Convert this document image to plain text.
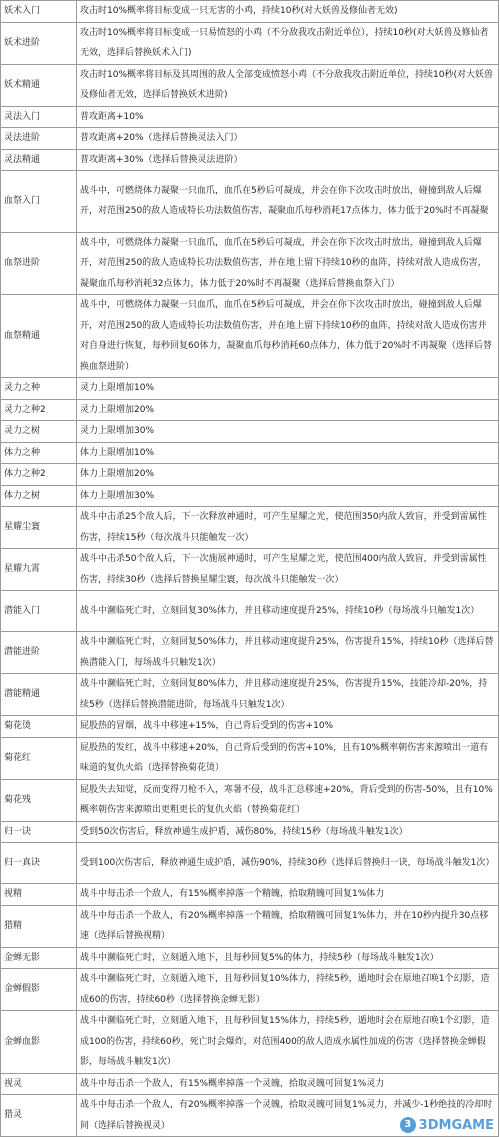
妖术入门	攻击时10%概率将目标变成一只无害的小鸡，持续10秒(对大妖兽及修仙者无效)
妖术进阶	攻击时10%概率将目标变成一只易愤怒的小鸡（不分敌我攻击附近单位），持续10秒(对大妖兽及修仙者无效，选择后替换妖术入门)
妖术精通	攻击时10%概率将目标及其周围的敌人全部变成愤怒小鸡（不分敌我攻击附近单位，持续10秒(对大妖兽及修仙者无效，选择后替换妖术进阶)
灵法入门	普攻距离+10%
灵法进阶	普攻距离+20%（选择后替换灵法入门）
灵法精通	普攻距离+30%（选择后替换灵法进阶）
血祭入门	战斗中，可燃烧体力凝聚一只血爪，血爪在5秒后可凝成，并会在你下次攻击时放出，碰撞到敌人后爆开，对范围250的敌人造成特长功法数值伤害，凝聚血爪每秒消耗17点体力，体力低于20%时不再凝聚
血祭进阶	战斗中，可燃烧体力凝聚一只血爪，血爪在5秒后可凝成，并会在你下次攻击时放出，碰撞到敌人后爆开，对范围250的敌人造成特长功法数值伤害，并在地上留下持续10秒的血阵，持续对敌人造成伤害，凝聚血爪每秒消耗32点体力，体力低于20%时不再凝聚（选择后替换血祭入门）
血祭精通	战斗中，可燃烧体力凝聚一只血爪，血爪在5秒后可凝成，并会在你下次攻击时放出，碰撞到敌人后爆开，对范围250的敌人造成特长功法数值伤害，并在地上留下持续10秒的血阵，持续对敌人造成伤害并对自身进行恢复，每秒回复60体力，凝聚血爪每秒消耗60点体力，体力低于20%时不再凝聚（选择后替换血祭进阶）
灵力之种	灵力上限增加10%
灵力之种2	灵力上限增加20%
灵力之树	灵力上限增加30%
体力之种	体力上限增加10%
体力之种2	体力上限增加20%
体力之树	体力上限增加30%
星耀尘寰	战斗中击杀25个敌人后，下一次释放神通时，可产生星耀之光，使范围350内敌人致盲，并受到雷属性伤害，持续15秒（每次战斗只能触发一次）
星耀九霄	战斗中击杀50个敌人后，下一次施展神通时，可产生星耀之光，使范围400内敌人致盲，并受到雷属性伤害，持续30秒（选择后替换星耀尘寰，每次战斗只能触发一次）
潜能入门	战斗中濒临死亡时，立刻回复30%体力，并且移动速度提升25%，持续10秒（每场战斗只触发1次）
潜能进阶	战斗中濒临死亡时，立刻回复50%体力，并且移动速度提升25%，伤害提升15%，持续10秒（选择后替换潜能入门，每场战斗只触发1次）
潜能精通	战斗中濒临死亡时，立刻回复80%体力，并且移动速度提升25%，伤害提升15%，技能冷却-20%，持续5秒（选择后替换潜能进阶，每场战斗只触发1次）
菊花烫	屁股热的冒烟，战斗中移速+15%，自己背后受到的伤害+10%
菊花红	屁股热的发红，战斗中移速+20%，自己背后受到的伤害+10%，且有10%概率朝伤害来源喷出一道有味道的复仇火焰（选择替换菊花烫）
菊花残	屁股失去知觉，反而变得刀枪不入，寒暑不侵，战斗汇总移速+20%，背后受到的伤害-50%，且有10%概率朝伤害来源喷出更粗更长的复仇火焰（替换菊花红）
归一诀	受到50次伤害后，释放神通生成护盾，减伤80%，持续15秒（每场战斗触发1次）
归一真诀	受到100次伤害后，释放神通生成护盾，减伤90%，持续30秒（选择后替换归一诀，每场战斗触发1次）
视精	战斗中每击杀一个敌人，有15%概率掉落一个精魄，拾取精魄可回复1%体力
猎精	战斗中每击杀一个敌人，有20%概率掉落一个精魄，拾取精魄可回复1%体力，并在10秒内提升30点移速（选择后替换视精）
金蝉无影	战斗中濒临死亡时，立刻遁入地下，且每秒回复5%的体力，持续5秒（每场战斗触发1次）
金蝉假影	战斗中濒临死亡时，立刻遁入地下，且每秒回复10%体力，持续5秒，遁地时会在原地召唤1个幻影，造成60的伤害，持续60秒（选择替换金蝉无影）
金蝉血影	战斗中濒临死亡时，立刻遁入地下，且每秒回复15%体力，持续5秒，遁地时会在原地召唤1个幻影，造成100的伤害，持续60秒，死亡时会爆炸，对范围400的敌人造成水属性加成的伤害（选择替换金蝉假影，每场战斗触发1次）
视灵	战斗中每击杀一个敌人，有15%概率掉落一个灵魄，拾取灵魄可回复1%灵力
猎灵	战斗中每击杀一个敌人，有20%概率掉落一个灵魄，拾取灵魄可回复1%灵力，并减少-1秒绝技的冷却时间（选择后替换视灵）	3 3DMGAME
